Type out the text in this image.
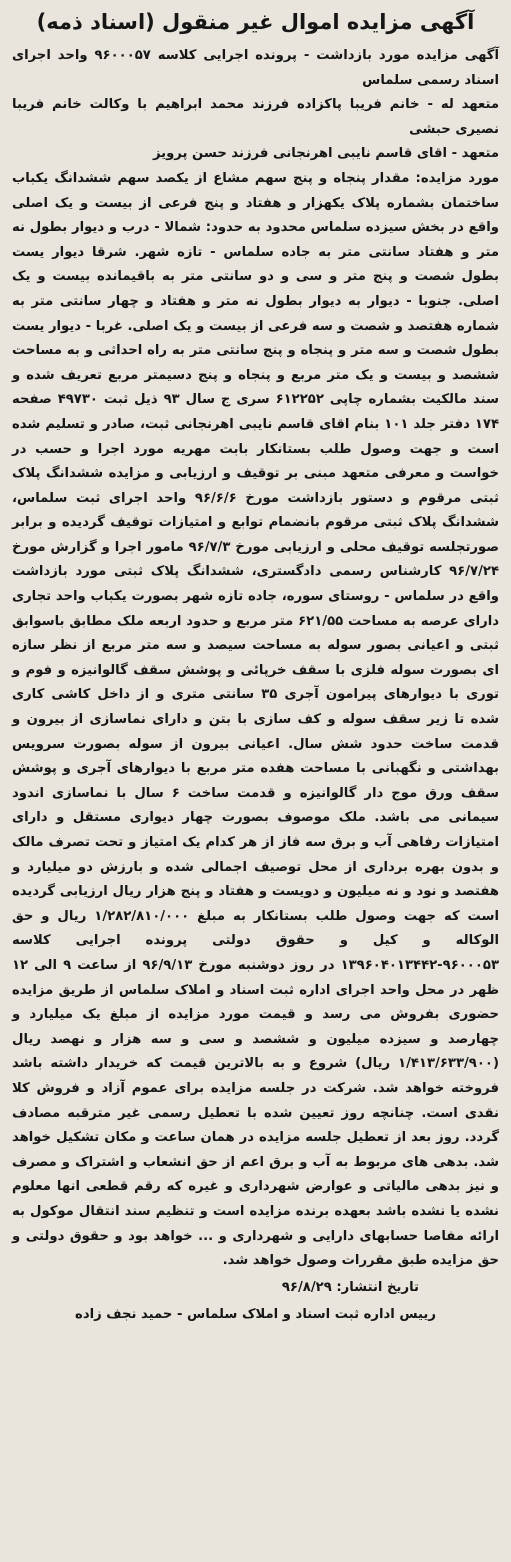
آگهی مزایده اموال غیر منقول (اسناد ذمه)

آگهی مزایده مورد بازداشت - پرونده اجرایی کلاسه ۹۶۰۰۰۵۷ واحد اجرای اسناد رسمی سلماس

متعهد له - خانم فریبا پاکزاده فرزند محمد ابراهیم با وکالت خانم فریبا نصیری حبشی

متعهد - اقای قاسم نایبی اهرنجانی فرزند حسن پرویز

مورد مزایده: مقدار پنجاه و پنج سهم مشاع از یکصد سهم ششدانگ یکباب ساختمان بشماره پلاک یکهزار و هفتاد و پنج فرعی از بیست و یک اصلی واقع در بخش سیزده سلماس محدود به حدود: شمالا - درب و دیوار بطول نه متر و هفتاد سانتی متر به جاده سلماس - تازه شهر. شرقا دیوار یست بطول شصت و پنج متر و سی و دو سانتی متر به باقیمانده بیست و یک اصلی. جنوبا - دیوار به دیوار بطول نه متر و هفتاد و چهار سانتی متر به شماره هفتصد و شصت و سه فرعی از بیست و یک اصلی. غربا - دیوار یست بطول شصت و سه متر و پنجاه و پنج سانتی متر به راه احداثی و به مساحت ششصد و بیست و یک متر مربع و پنجاه و پنج دسیمتر مربع تعریف شده و سند مالکیت بشماره چاپی ۶۱۲۲۵۲ سری ج سال ۹۳ ذیل ثبت ۴۹۷۳۰ صفحه ۱۷۴ دفتر جلد ۱۰۱ بنام اقای قاسم نایبی اهرنجانی ثبت، صادر و تسلیم شده است و جهت وصول طلب بستانکار بابت مهریه مورد اجرا و حسب در خواست و معرفی متعهد مبنی بر توقیف و ارزیابی و مزایده ششدانگ پلاک ثبتی مرقوم و دستور بازداشت مورخ ۹۶/۶/۶ واحد اجرای ثبت سلماس، ششدانگ پلاک ثبتی مرقوم بانضمام توابع و امتیازات توقیف گردیده و برابر صورتجلسه توقیف محلی و ارزیابی مورخ ۹۶/۷/۳ مامور اجرا و گزارش مورخ ۹۶/۷/۲۴ کارشناس رسمی دادگستری، ششدانگ پلاک ثبتی مورد بازداشت واقع در سلماس - روستای سوره، جاده تازه شهر بصورت یکباب واحد تجاری دارای عرصه به مساحت ۶۲۱/۵۵ متر مربع و حدود اربعه ملک مطابق باسوابق ثبتی و اعیانی بصور سوله به مساحت سیصد و سه متر مربع از نظر سازه ای بصورت سوله فلزی با سقف خرپائی و پوشش سقف گالوانیزه و فوم و توری با دیوارهای پیرامون آجری ۳۵ سانتی متری و از داخل کاشی کاری شده تا زیر سقف سوله و کف سازی با بتن و دارای نماسازی از بیرون و قدمت ساخت حدود شش سال. اعیانی بیرون از سوله بصورت سرویس بهداشتی و نگهبانی با مساحت هفده متر مربع با دیوارهای آجری و پوشش سقف ورق موج دار گالوانیزه و قدمت ساخت ۶ سال با نماسازی اندود سیمانی می باشد. ملک موصوف بصورت چهار دیواری مستقل و دارای امتیازات رفاهی آب و برق سه فاز از هر کدام یک امتیاز و تحت تصرف مالک و بدون بهره برداری از محل توصیف اجمالی شده و بارزش دو میلیارد و هفتصد و نود و نه میلیون و دویست و هفتاد و پنج هزار ریال ارزیابی گردیده است که جهت وصول طلب بستانکار به مبلغ ۱/۲۸۲/۸۱۰/۰۰۰ ریال و حق الوکاله و کیل و حقوق دولتی پرونده اجرایی کلاسه ۹۶۰۰۰۵۳-۱۳۹۶۰۴۰۱۳۴۴۲ در روز دوشنبه مورخ ۹۶/۹/۱۳ از ساعت ۹ الی ۱۲ ظهر در محل واحد اجرای اداره ثبت اسناد و املاک سلماس از طریق مزایده حضوری بفروش می رسد و قیمت مورد مزایده از مبلغ یک میلیارد و چهارصد و سیزده میلیون و ششصد و سی و سه هزار و نهصد ریال (۱/۴۱۳/۶۳۳/۹۰۰ ریال) شروع و به بالاترین قیمت که خریدار داشته باشد فروخته خواهد شد. شرکت در جلسه مزایده برای عموم آزاد و فروش کلا نقدی است. چنانچه روز تعیین شده با تعطیل رسمی غیر مترقبه مصادف گردد. روز بعد از تعطیل جلسه مزایده در همان ساعت و مکان تشکیل خواهد شد. بدهی های مربوط به آب و برق اعم از حق انشعاب و اشتراک و مصرف و نیز بدهی مالیاتی و عوارض شهرداری و غیره که رقم قطعی انها معلوم نشده یا نشده باشد بعهده برنده مزایده است و تنظیم سند انتقال موکول به ارائه مفاصا حسابهای دارایی و شهرداری و ... خواهد بود و حقوق دولتی و حق مزایده طبق مقررات وصول خواهد شد.

تاریخ انتشار: ۹۶/۸/۲۹
رییس اداره ثبت اسناد و املاک سلماس - حمید نجف زاده
